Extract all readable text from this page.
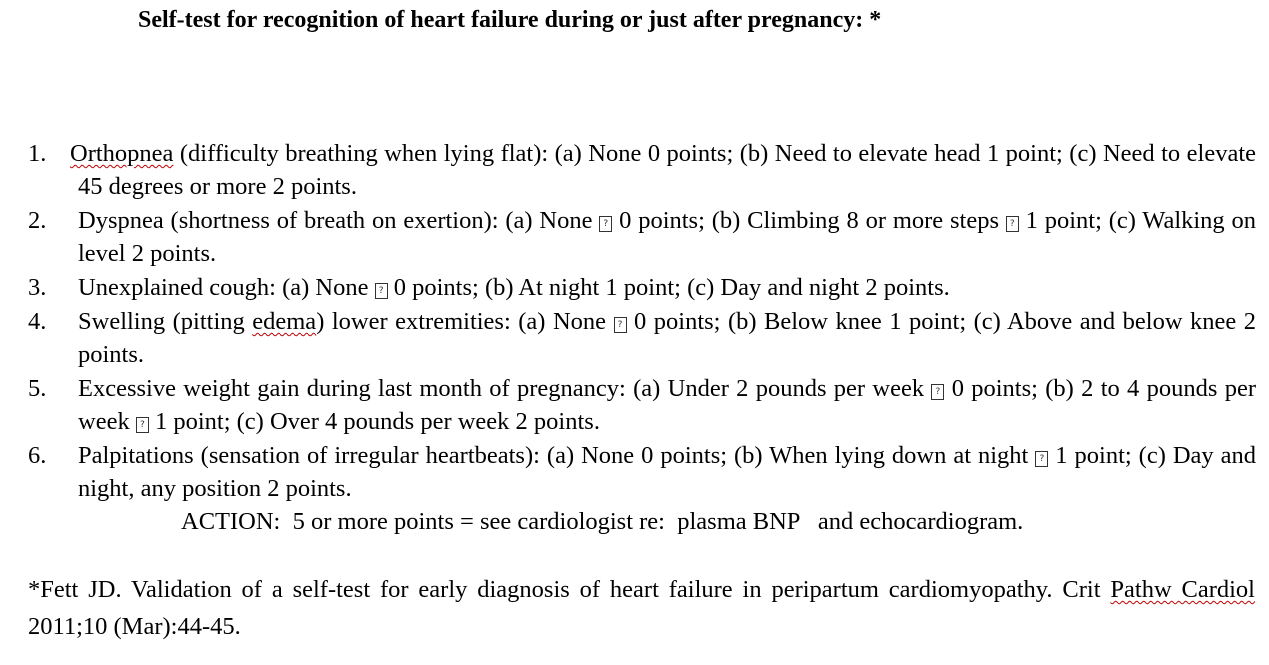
Self-test for recognition of heart failure during or just after pregnancy: *
1. Orthopnea (difficulty breathing when lying flat): (a) None 0 points; (b) Need to elevate head 1 point; (c) Need to elevate 45 degrees or more 2 points.
2. Dyspnea (shortness of breath on exertion): (a) None ? 0 points; (b) Climbing 8 or more steps ? 1 point; (c) Walking on level 2 points.
3. Unexplained cough: (a) None ? 0 points; (b) At night 1 point; (c) Day and night 2 points.
4. Swelling (pitting edema) lower extremities: (a) None ? 0 points; (b) Below knee 1 point; (c) Above and below knee 2 points.
5. Excessive weight gain during last month of pregnancy: (a) Under 2 pounds per week ? 0 points; (b) 2 to 4 pounds per week ? 1 point; (c) Over 4 pounds per week 2 points.
6. Palpitations (sensation of irregular heartbeats): (a) None 0 points; (b) When lying down at night ? 1 point; (c) Day and night, any position 2 points.
ACTION:  5 or more points = see cardiologist re:  plasma BNP   and echocardiogram.
*Fett JD. Validation of a self-test for early diagnosis of heart failure in peripartum cardiomyopathy. Crit Pathw Cardiol 2011;10 (Mar):44-45.
